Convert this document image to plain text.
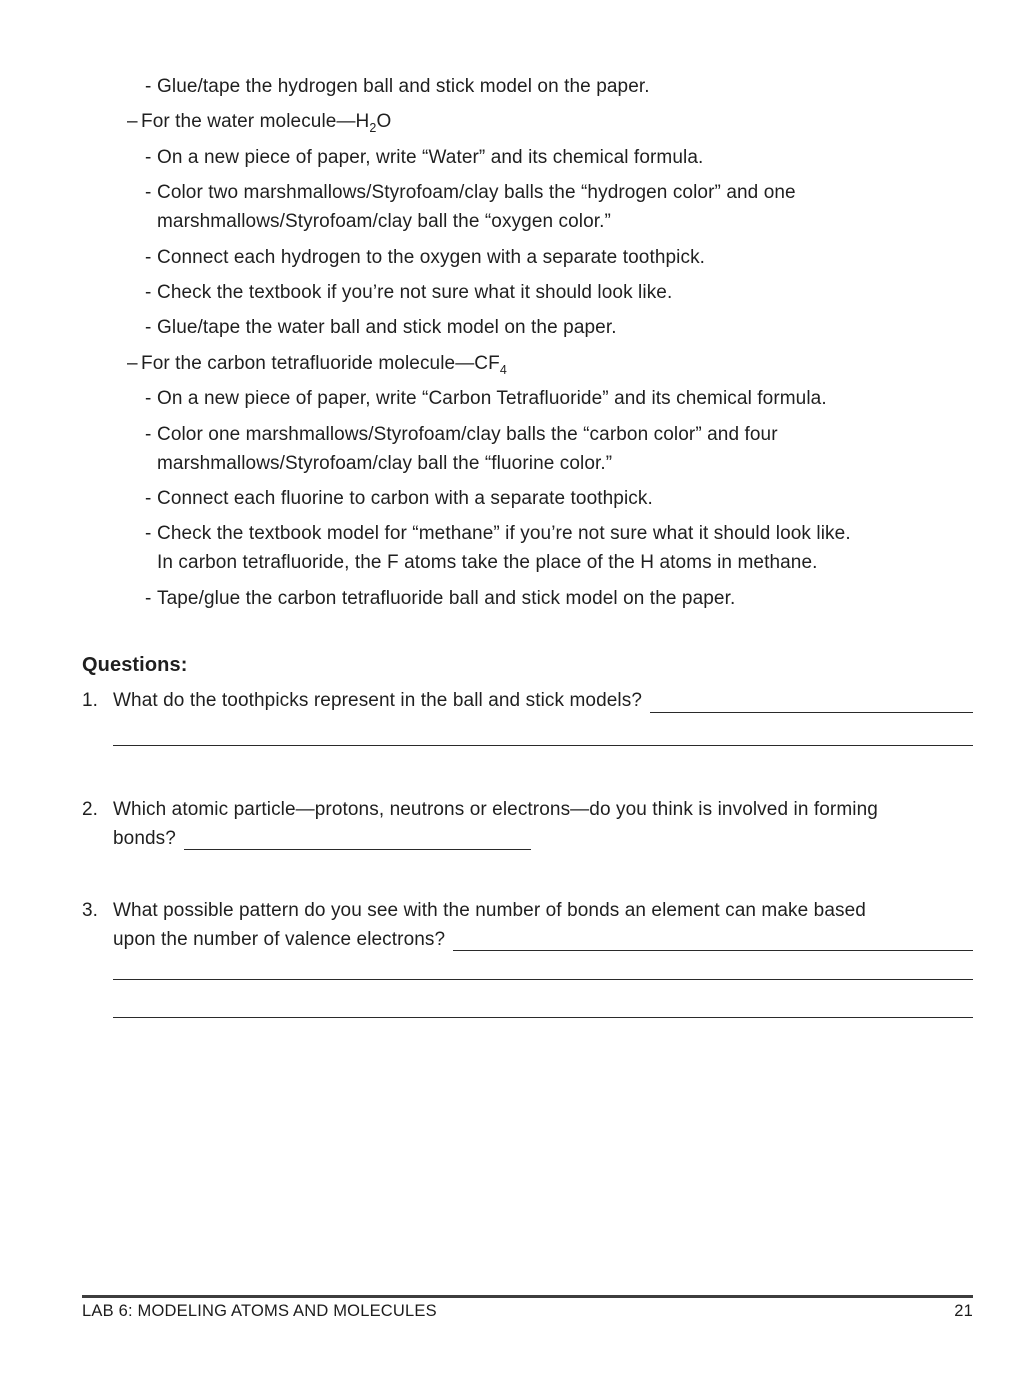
- Glue/tape the hydrogen ball and stick model on the paper.
– For the water $molecule—H_2O$
- On a new piece of paper, write “Water” and its chemical formula.
- Color two marshmallows/Styrofoam/clay balls the “hydrogen color” and one
marshmallows/Styrofoam/clay ball the “oxygen color.”
- Connect each hydrogen to the oxygen with a separate toothpick.
- Check the textbook if you’re not sure what it should look like.
- Glue/tape the water ball and stick model on the paper.
– For the carbon tetrafluoride $molecule—CF_4$
- On a new piece of paper, write “Carbon Tetrafluoride” and its chemical formula.
- Color one marshmallows/Styrofoam/clay balls the “carbon color” and four
marshmallows/Styrofoam/clay ball the “fluorine color.”
- Connect each fluorine to carbon with a separate toothpick.
- Check the textbook model for “methane” if you’re not sure what it should look like.
In carbon tetrafluoride, the F atoms take the place of the H atoms in methane.
- Tape/glue the carbon tetrafluoride ball and stick model on the paper.
Questions:
1. What do the toothpicks represent in the ball and stick models?
2. Which atomic particle—protons, neutrons or electrons—do you think is involved in forming
bonds?
3. What possible pattern do you see with the number of bonds an element can make based
upon the number of valence electrons?
LAB 6: MODELING ATOMS AND MOLECULES	21
